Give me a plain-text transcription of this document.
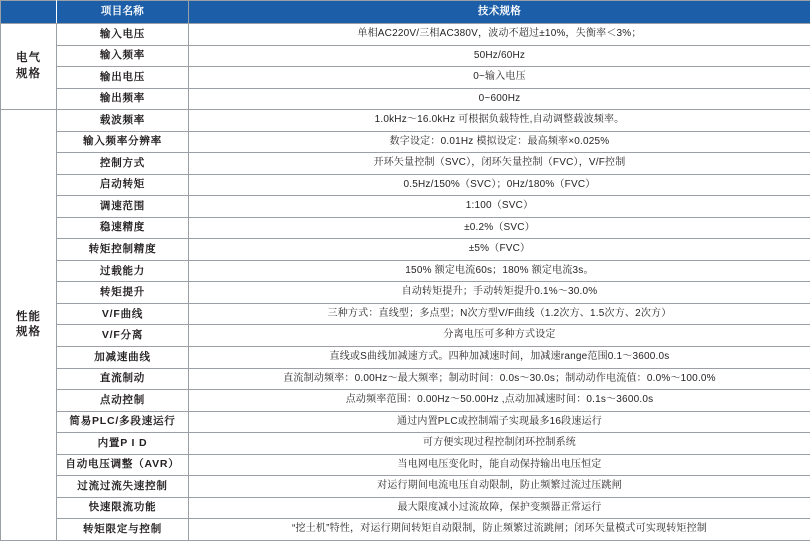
	项目名称	技术规格

电气
规格	输入电压	单相AC220V/三相AC380V，波动不超过±10%，失衡率＜3%；
	输入频率	50Hz/60Hz
	输出电压	0~输入电压
	输出频率	0~600Hz

性能
规格	载波频率	1.0kHz～16.0kHz 可根据负载特性,自动调整载波频率。
	输入频率分辨率	数字设定：0.01Hz 模拟设定：最高频率×0.025%
	控制方式	开环矢量控制（SVC），闭环矢量控制（FVC），V/F控制
	启动转矩	0.5Hz/150%（SVC）；0Hz/180%（FVC）
	调速范围	1:100（SVC）
	稳速精度	±0.2%（SVC）
	转矩控制精度	±5%（FVC）
	过载能力	150% 额定电流60s；180% 额定电流3s。
	转矩提升	自动转矩提升；手动转矩提升0.1%～30.0%
	V/F曲线	三种方式：直线型；多点型；N次方型V/F曲线（1.2次方、1.5次方、2次方）
	V/F分离	分离电压可多种方式设定
	加减速曲线	直线或S曲线加减速方式。四种加减速时间，加减速range范围0.1～3600.0s
	直流制动	直流制动频率：0.00Hz～最大频率；制动时间：0.0s～30.0s；制动动作电流值：0.0%～100.0%
	点动控制	点动频率范围：0.00Hz～50.00Hz ,点动加减速时间：0.1s～3600.0s
	简易PLC/多段速运行	通过内置PLC或控制端子实现最多16段速运行
	内置P I D	可方便实现过程控制闭环控制系统
	自动电压调整（AVR）	当电网电压变化时，能自动保持输出电压恒定
	过流过流失速控制	对运行期间电流电压自动限制，防止频繁过流过压跳闸
	快速限流功能	最大限度减小过流故障，保护变频器正常运行
	转矩限定与控制	“挖土机”特性，对运行期间转矩自动限制，防止频繁过流跳闸；闭环矢量模式可实现转矩控制
